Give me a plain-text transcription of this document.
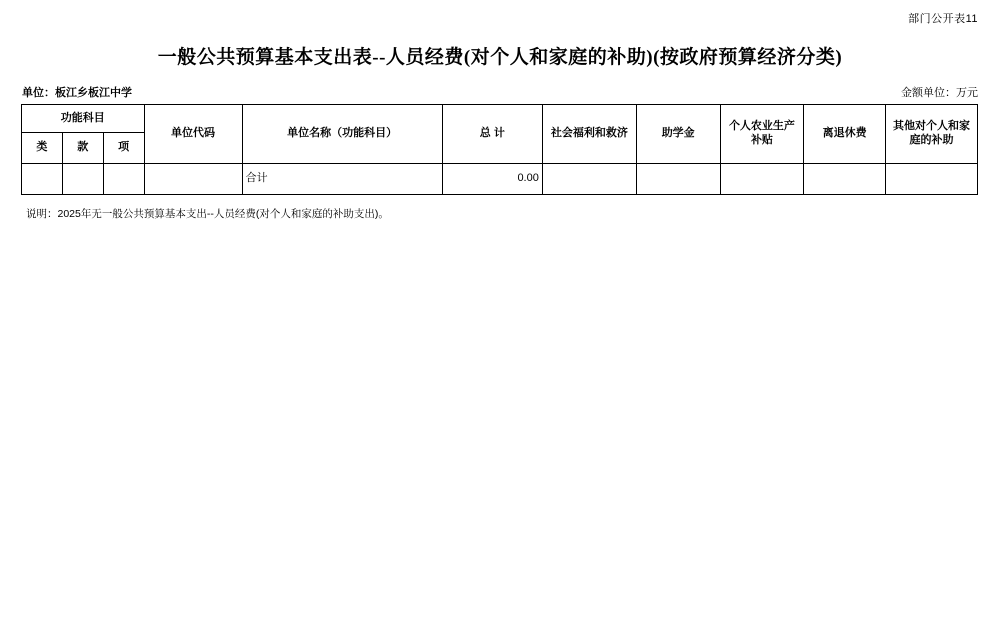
部门公开表11
一般公共预算基本支出表--人员经费(对个人和家庭的补助)(按政府预算经济分类)
单位：板江乡板江中学	金额单位：万元
功能科目			单位代码	单位名称（功能科目）	总 计	社会福利和救济	助学金	个人农业生产补贴	离退休费	其他对个人和家庭的补助
类	款	项								
				合计	0.00					
说明：2025年无一般公共预算基本支出--人员经费(对个人和家庭的补助支出)。
